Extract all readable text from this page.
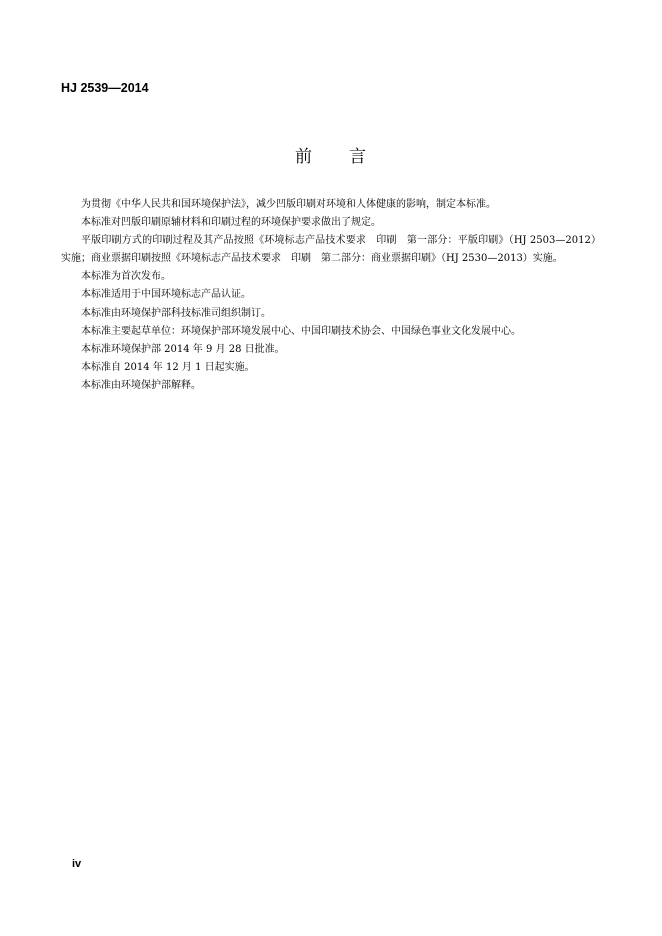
HJ 2539—2014
前　　言

为贯彻《中华人民共和国环境保护法》，减少凹版印刷对环境和人体健康的影响，制定本标准。

本标准对凹版印刷原辅材料和印刷过程的环境保护要求做出了规定。

平版印刷方式的印刷过程及其产品按照《环境标志产品技术要求　印刷　第一部分：平版印刷》（HJ 2503—2012）实施；商业票据印刷按照《环境标志产品技术要求　印刷　第二部分：商业票据印刷》（HJ 2530—2013）实施。

本标准为首次发布。

本标准适用于中国环境标志产品认证。

本标准由环境保护部科技标准司组织制订。

本标准主要起草单位：环境保护部环境发展中心、中国印刷技术协会、中国绿色事业文化发展中心。

本标准环境保护部 2014 年 9 月 28 日批准。

本标准自 2014 年 12 月 1 日起实施。

本标准由环境保护部解释。

iv
